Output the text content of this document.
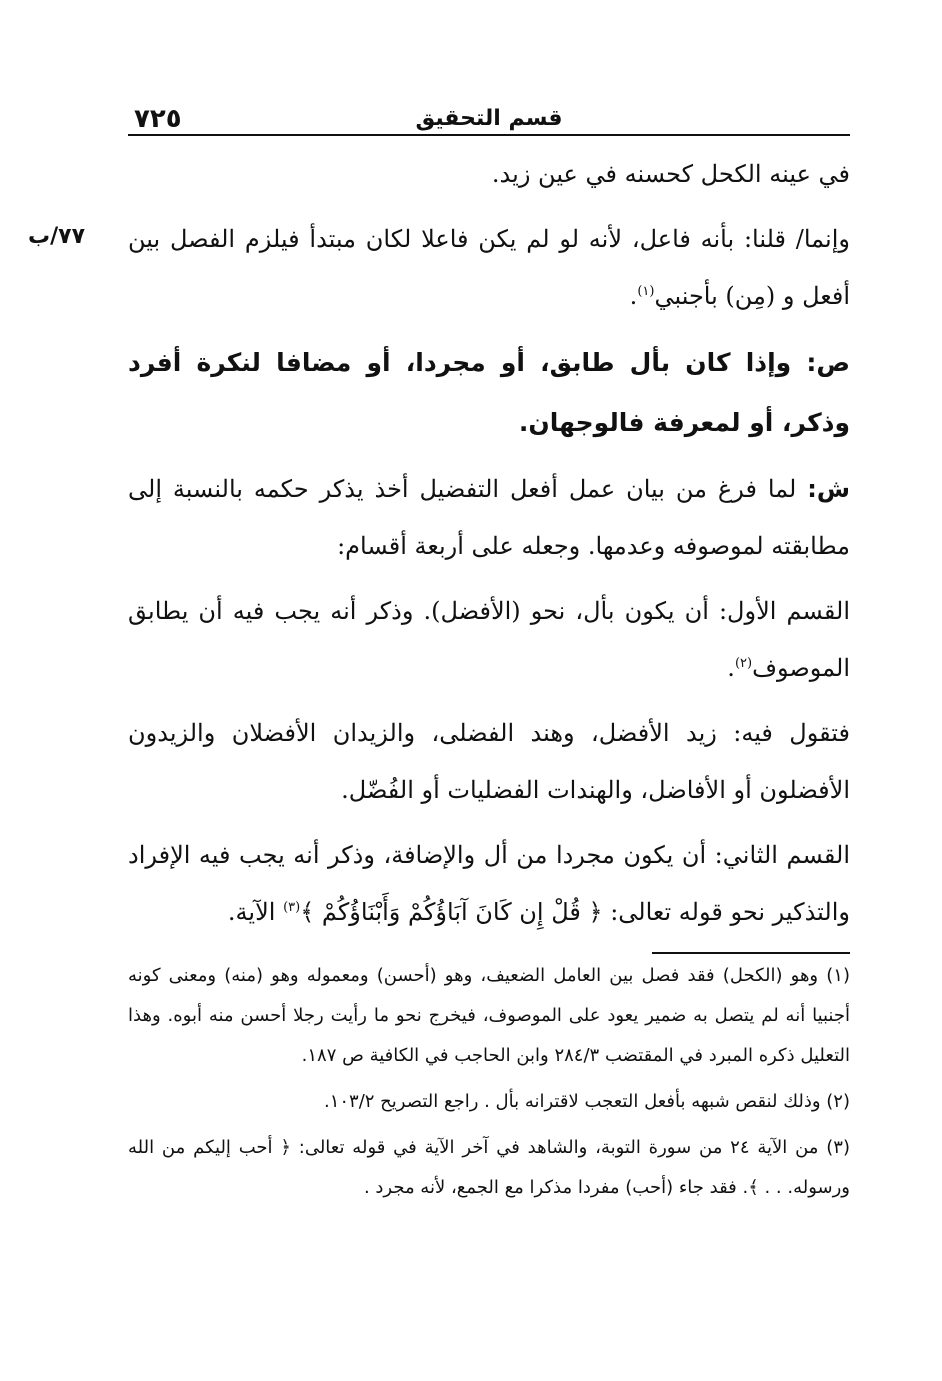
٧٢٥	قسم التحقيق
٧٧/ب

في عينه الكحل كحسنه في عين زيد.

وإنما/ قلنا: بأنه فاعل، لأنه لو لم يكن فاعلا لكان مبتدأ فيلزم الفصل بين أفعل و (مِن) بأجنبي$^{(١)}$.

ص: وإذا كان بأل طابق، أو مجردا، أو مضافا لنكرة أفرد وذكر، أو لمعرفة فالوجهان.

ش: لما فرغ من بيان عمل أفعل التفضيل أخذ يذكر حكمه بالنسبة إلى مطابقته لموصوفه وعدمها. وجعله على أربعة أقسام:

القسم الأول: أن يكون بأل، نحو (الأفضل). وذكر أنه يجب فيه أن يطابق الموصوف$^{(٢)}$.

فتقول فيه: زيد الأفضل، وهند الفضلى، والزيدان الأفضلان والزيدون الأفضلون أو الأفاضل، والهندات الفضليات أو الفُضّل.

القسم الثاني: أن يكون مجردا من أل والإضافة، وذكر أنه يجب فيه الإفراد والتذكير نحو قوله تعالى: ﴿ قُلْ إِن كَانَ آبَاؤُكُمْ وَأَبْنَاؤُكُمْ ﴾$^{(٣)}$ الآية.

(١) وهو (الكحل) فقد فصل بين العامل الضعيف، وهو (أحسن) ومعموله وهو (منه) ومعنى كونه أجنبيا أنه لم يتصل به ضمير يعود على الموصوف، فيخرج نحو ما رأيت رجلا أحسن منه أبوه. وهذا التعليل ذكره المبرد في المقتضب ٢٨٤/٣ وابن الحاجب في الكافية ص ١٨٧.

(٢) وذلك لنقص شبهه بأفعل التعجب لاقترانه بأل . راجع التصريح ١٠٣/٢.

(٣) من الآية ٢٤ من سورة التوبة، والشاهد في آخر الآية في قوله تعالى: ﴿ أحب إليكم من الله ورسوله. . . ﴾. فقد جاء (أحب) مفردا مذكرا مع الجمع، لأنه مجرد .
